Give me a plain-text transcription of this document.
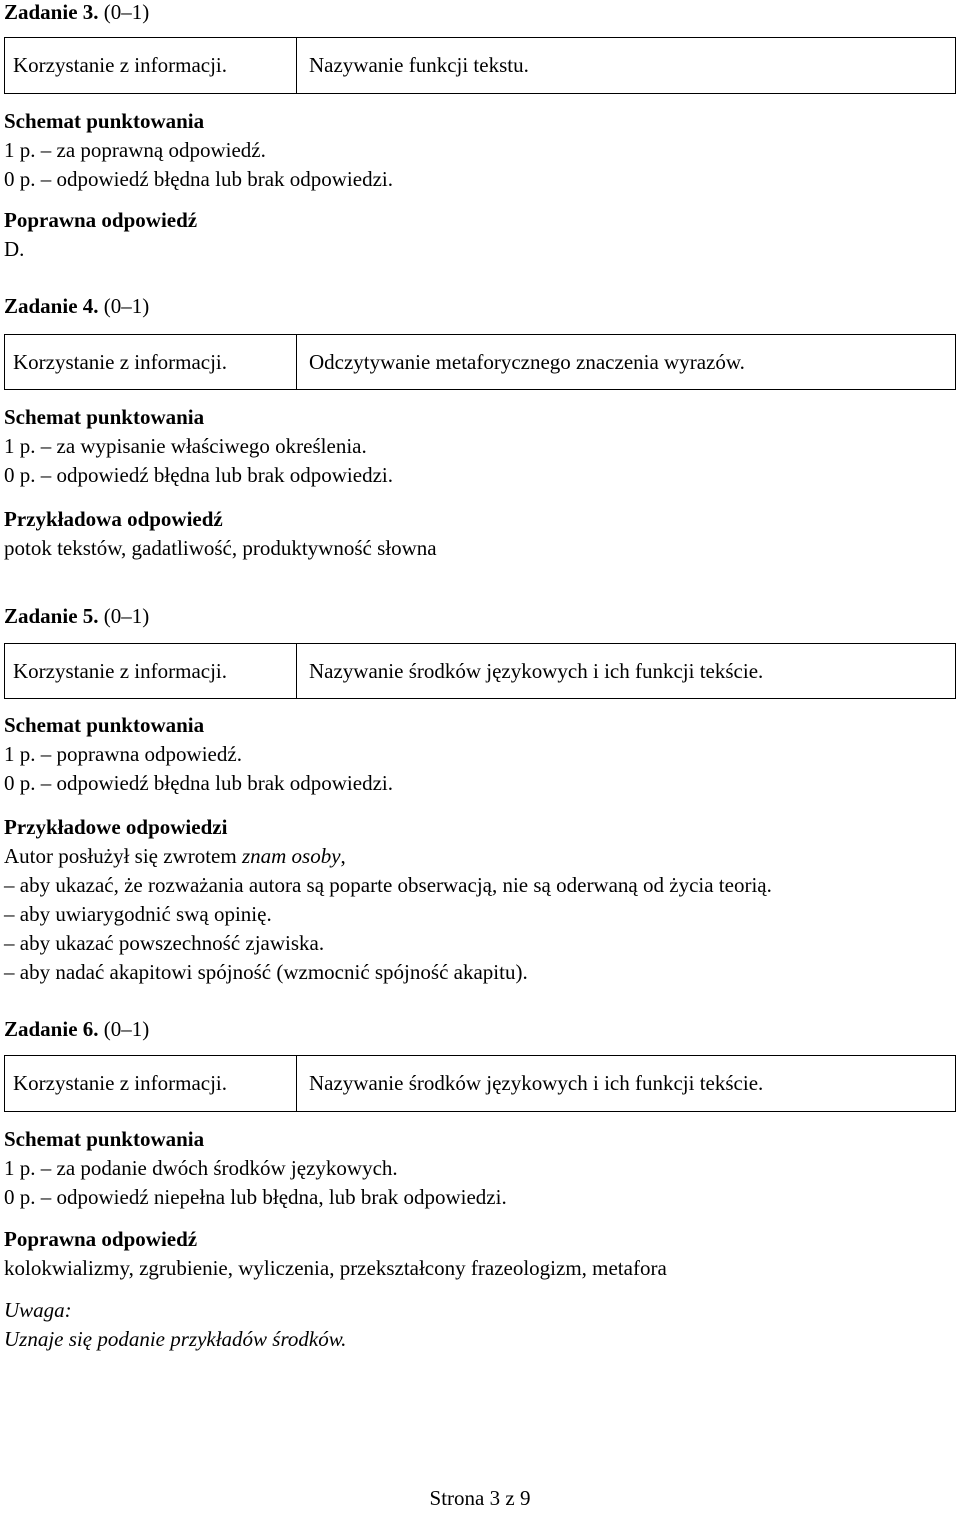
Zadanie 3. (0–1)
Korzystanie z informacji.	Nazywanie funkcji tekstu.
Schemat punktowania
1 p. – za poprawną odpowiedź.
0 p. – odpowiedź błędna lub brak odpowiedzi.
Poprawna odpowiedź
D.
Zadanie 4. (0–1)
Korzystanie z informacji.	Odczytywanie metaforycznego znaczenia wyrazów.
Schemat punktowania
1 p. – za wypisanie właściwego określenia.
0 p. – odpowiedź błędna lub brak odpowiedzi.
Przykładowa odpowiedź
potok tekstów, gadatliwość, produktywność słowna
Zadanie 5. (0–1)
Korzystanie z informacji.	Nazywanie środków językowych i ich funkcji tekście.
Schemat punktowania
1 p. – poprawna odpowiedź.
0 p. – odpowiedź błędna lub brak odpowiedzi.
Przykładowe odpowiedzi
Autor posłużył się zwrotem znam osoby,
– aby ukazać, że rozważania autora są poparte obserwacją, nie są oderwaną od życia teorią.
– aby uwiarygodnić swą opinię.
– aby ukazać powszechność zjawiska.
– aby nadać akapitowi spójność (wzmocnić spójność akapitu).
Zadanie 6. (0–1)
Korzystanie z informacji.	Nazywanie środków językowych i ich funkcji tekście.
Schemat punktowania
1 p. – za podanie dwóch środków językowych.
0 p. – odpowiedź niepełna lub błędna, lub brak odpowiedzi.
Poprawna odpowiedź
kolokwializmy, zgrubienie, wyliczenia, przekształcony frazeologizm, metafora
Uwaga:
Uznaje się podanie przykładów środków.
Strona 3 z 9
